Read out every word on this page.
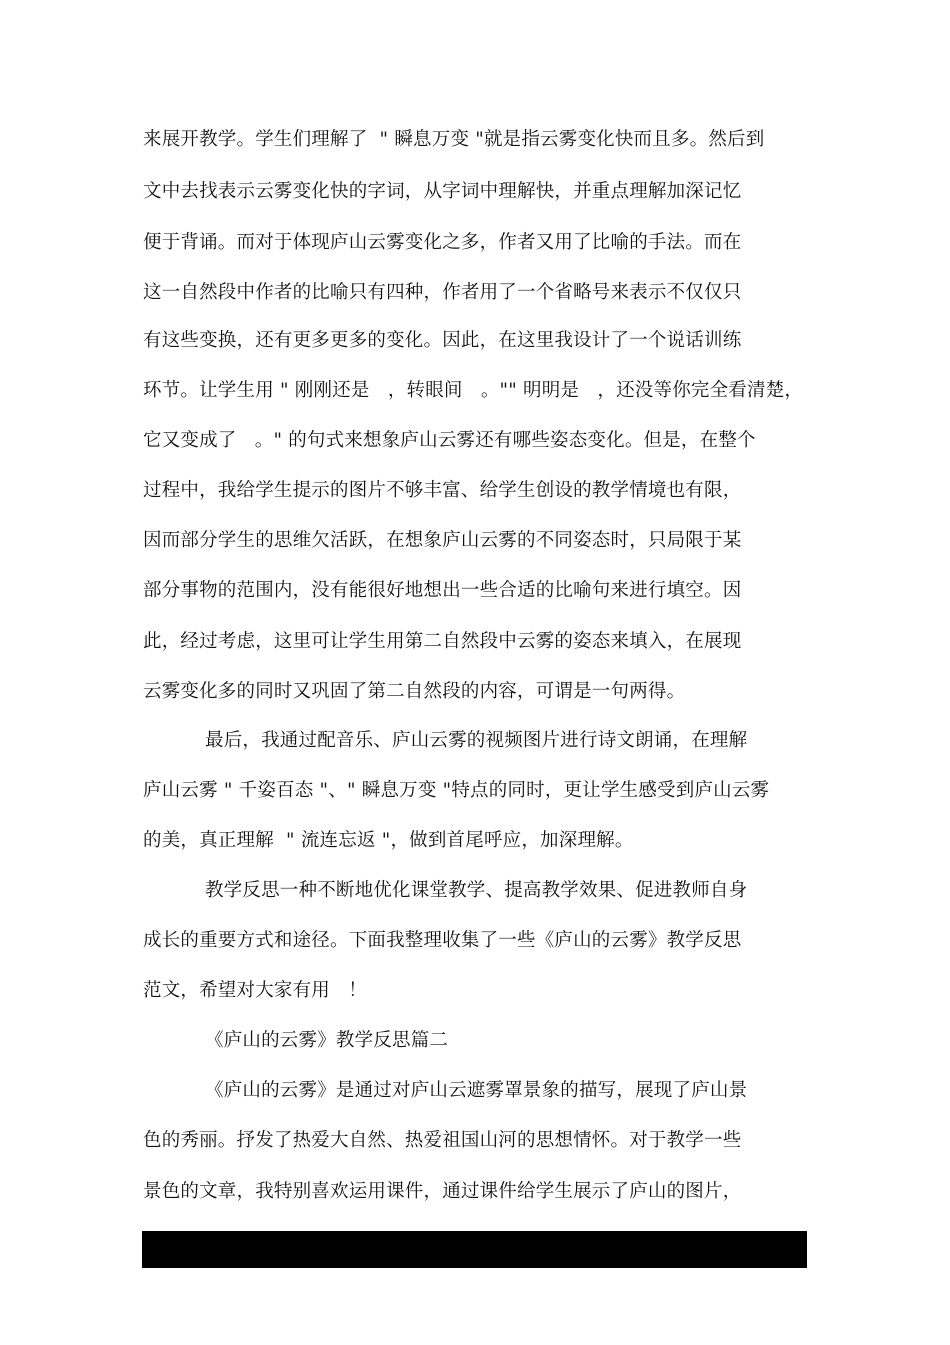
来展开教学。学生们理解了  " 瞬息万变 "就是指云雾变化快而且多。然后到
文中去找表示云雾变化快的字词，从字词中理解快，并重点理解加深记忆
便于背诵。而对于体现庐山云雾变化之多，作者又用了比喻的手法。而在
这一自然段中作者的比喻只有四种，作者用了一个省略号来表示不仅仅只
有这些变换，还有更多更多的变化。因此，在这里我设计了一个说话训练
环节。让学生用 " 刚刚还是   ，转眼间   。"" 明明是   ，还没等你完全看清楚，
它又变成了   。" 的句式来想象庐山云雾还有哪些姿态变化。但是，在整个
过程中，我给学生提示的图片不够丰富、给学生创设的教学情境也有限，
因而部分学生的思维欠活跃，在想象庐山云雾的不同姿态时，只局限于某
部分事物的范围内，没有能很好地想出一些合适的比喻句来进行填空。因
此，经过考虑，这里可让学生用第二自然段中云雾的姿态来填入，在展现
云雾变化多的同时又巩固了第二自然段的内容，可谓是一句两得。
最后，我通过配音乐、庐山云雾的视频图片进行诗文朗诵，在理解
庐山云雾 " 千姿百态 "、" 瞬息万变 "特点的同时，更让学生感受到庐山云雾
的美，真正理解  " 流连忘返 "，做到首尾呼应，加深理解。
教学反思一种不断地优化课堂教学、提高教学效果、促进教师自身
成长的重要方式和途径。下面我整理收集了一些《庐山的云雾》教学反思
范文，希望对大家有用   ！
《庐山的云雾》教学反思篇二
《庐山的云雾》是通过对庐山云遮雾罩景象的描写，展现了庐山景
色的秀丽。抒发了热爱大自然、热爱祖国山河的思想情怀。对于教学一些
景色的文章，我特别喜欢运用课件，通过课件给学生展示了庐山的图片，
